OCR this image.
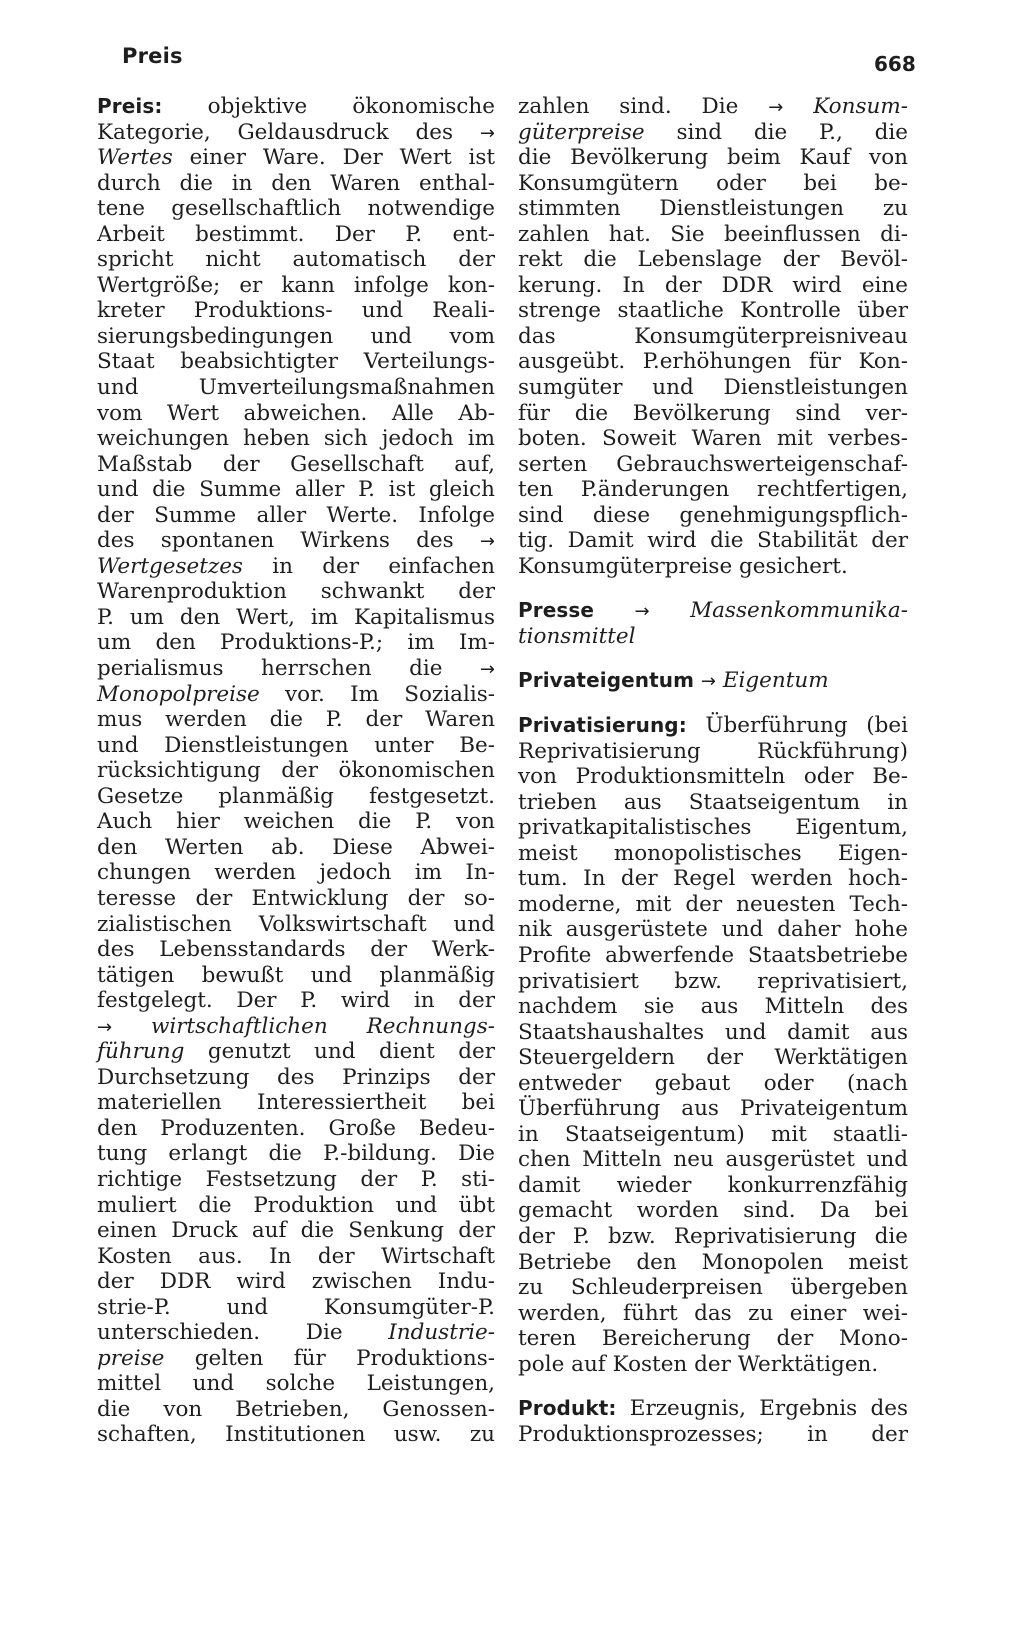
Preis	668
Preis: objektive ökonomische
Kategorie, Geldausdruck des →
Wertes einer Ware. Der Wert ist
durch die in den Waren enthal-
tene gesellschaftlich notwendige
Arbeit bestimmt. Der P. ent-
spricht nicht automatisch der
Wertgröße; er kann infolge kon-
kreter Produktions- und Reali-
sierungsbedingungen und vom
Staat beabsichtigter Verteilungs-
und Umverteilungsmaßnahmen
vom Wert abweichen. Alle Ab-
weichungen heben sich jedoch im
Maßstab der Gesellschaft auf,
und die Summe aller P. ist gleich
der Summe aller Werte. Infolge
des spontanen Wirkens des →
Wertgesetzes in der einfachen
Warenproduktion schwankt der
P. um den Wert, im Kapitalismus
um den Produktions-P.; im Im-
perialismus herrschen die →
Monopolpreise vor. Im Sozialis-
mus werden die P. der Waren
und Dienstleistungen unter Be-
rücksichtigung der ökonomischen
Gesetze planmäßig festgesetzt.
Auch hier weichen die P. von
den Werten ab. Diese Abwei-
chungen werden jedoch im In-
teresse der Entwicklung der so-
zialistischen Volkswirtschaft und
des Lebensstandards der Werk-
tätigen bewußt und planmäßig
festgelegt. Der P. wird in der
→ wirtschaftlichen Rechnungs-
führung genutzt und dient der
Durchsetzung des Prinzips der
materiellen Interessiertheit bei
den Produzenten. Große Bedeu-
tung erlangt die P.-bildung. Die
richtige Festsetzung der P. sti-
muliert die Produktion und übt
einen Druck auf die Senkung der
Kosten aus. In der Wirtschaft
der DDR wird zwischen Indu-
strie-P. und Konsumgüter-P.
unterschieden. Die Industrie-
preise gelten für Produktions-
mittel und solche Leistungen,
die von Betrieben, Genossen-
schaften, Institutionen usw. zu
zahlen sind. Die → Konsum-
güterpreise sind die P., die
die Bevölkerung beim Kauf von
Konsumgütern oder bei be-
stimmten Dienstleistungen zu
zahlen hat. Sie beeinflussen di-
rekt die Lebenslage der Bevöl-
kerung. In der DDR wird eine
strenge staatliche Kontrolle über
das Konsumgüterpreisniveau
ausgeübt. P.erhöhungen für Kon-
sumgüter und Dienstleistungen
für die Bevölkerung sind ver-
boten. Soweit Waren mit verbes-
serten Gebrauchswerteigenschaf-
ten P.änderungen rechtfertigen,
sind diese genehmigungspflich-
tig. Damit wird die Stabilität der
Konsumgüterpreise gesichert.
Presse → Massenkommunika-
tionsmittel
Privateigentum → Eigentum
Privatisierung: Überführung (bei
Reprivatisierung Rückführung)
von Produktionsmitteln oder Be-
trieben aus Staatseigentum in
privatkapitalistisches Eigentum,
meist monopolistisches Eigen-
tum. In der Regel werden hoch-
moderne, mit der neuesten Tech-
nik ausgerüstete und daher hohe
Profite abwerfende Staatsbetriebe
privatisiert bzw. reprivatisiert,
nachdem sie aus Mitteln des
Staatshaushaltes und damit aus
Steuergeldern der Werktätigen
entweder gebaut oder (nach
Überführung aus Privateigentum
in Staatseigentum) mit staatli-
chen Mitteln neu ausgerüstet und
damit wieder konkurrenzfähig
gemacht worden sind. Da bei
der P. bzw. Reprivatisierung die
Betriebe den Monopolen meist
zu Schleuderpreisen übergeben
werden, führt das zu einer wei-
teren Bereicherung der Mono-
pole auf Kosten der Werktätigen.
Produkt: Erzeugnis, Ergebnis des
Produktionsprozesses; in der
